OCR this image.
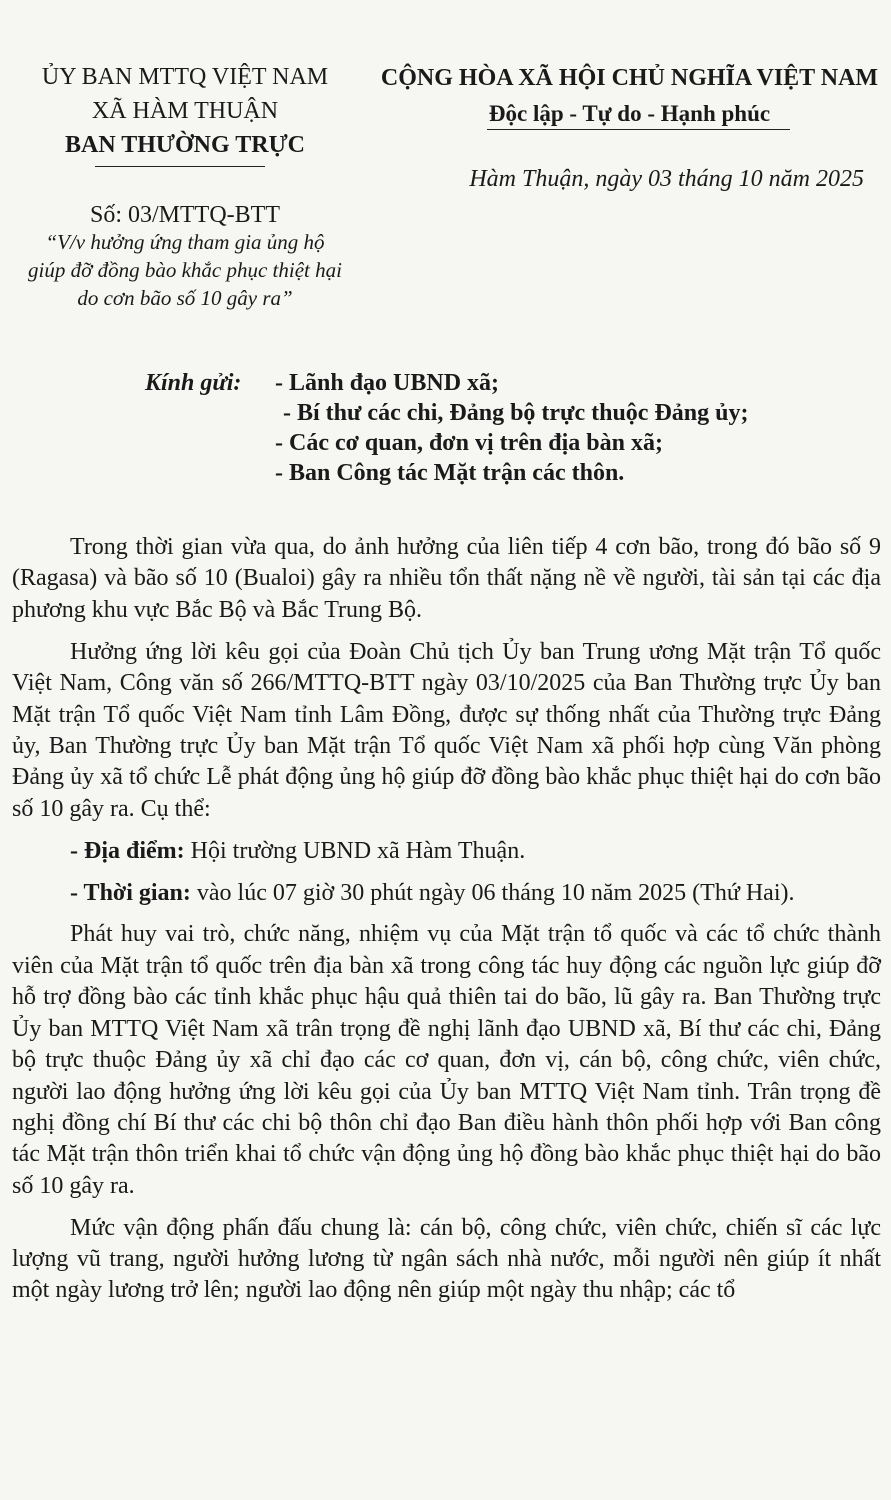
ỦY BAN MTTQ VIỆT NAM
XÃ HÀM THUẬN
BAN THƯỜNG TRỰC
CỘNG HÒA XÃ HỘI CHỦ NGHĨA VIỆT NAM
Độc lập - Tự do - Hạnh phúc
Hàm Thuận, ngày 03 tháng 10 năm 2025
Số: 03/MTTQ-BTT
“V/v hưởng ứng tham gia ủng hộ
giúp đỡ đồng bào khắc phục thiệt hại
do cơn bão số 10 gây ra”
Kính gửi: - Lãnh đạo UBND xã;
- Bí thư các chi, Đảng bộ trực thuộc Đảng ủy;
- Các cơ quan, đơn vị trên địa bàn xã;
- Ban Công tác Mặt trận các thôn.

Trong thời gian vừa qua, do ảnh hưởng của liên tiếp 4 cơn bão, trong đó bão số 9 (Ragasa) và bão số 10 (Bualoi) gây ra nhiều tổn thất nặng nề về người, tài sản tại các địa phương khu vực Bắc Bộ và Bắc Trung Bộ.

Hưởng ứng lời kêu gọi của Đoàn Chủ tịch Ủy ban Trung ương Mặt trận Tổ quốc Việt Nam, Công văn số 266/MTTQ-BTT ngày 03/10/2025 của Ban Thường trực Ủy ban Mặt trận Tổ quốc Việt Nam tỉnh Lâm Đồng, được sự thống nhất của Thường trực Đảng ủy, Ban Thường trực Ủy ban Mặt trận Tổ quốc Việt Nam xã phối hợp cùng Văn phòng Đảng ủy xã tổ chức Lễ phát động ủng hộ giúp đỡ đồng bào khắc phục thiệt hại do cơn bão số 10 gây ra. Cụ thể:

- Địa điểm: Hội trường UBND xã Hàm Thuận.

- Thời gian: vào lúc 07 giờ 30 phút ngày 06 tháng 10 năm 2025 (Thứ Hai).

Phát huy vai trò, chức năng, nhiệm vụ của Mặt trận tổ quốc và các tổ chức thành viên của Mặt trận tổ quốc trên địa bàn xã trong công tác huy động các nguồn lực giúp đỡ hỗ trợ đồng bào các tỉnh khắc phục hậu quả thiên tai do bão, lũ gây ra. Ban Thường trực Ủy ban MTTQ Việt Nam xã trân trọng đề nghị lãnh đạo UBND xã, Bí thư các chi, Đảng bộ trực thuộc Đảng ủy xã chỉ đạo các cơ quan, đơn vị, cán bộ, công chức, viên chức, người lao động hưởng ứng lời kêu gọi của Ủy ban MTTQ Việt Nam tỉnh. Trân trọng đề nghị đồng chí Bí thư các chi bộ thôn chỉ đạo Ban điều hành thôn phối hợp với Ban công tác Mặt trận thôn triển khai tổ chức vận động ủng hộ đồng bào khắc phục thiệt hại do bão số 10 gây ra.

Mức vận động phấn đấu chung là: cán bộ, công chức, viên chức, chiến sĩ các lực lượng vũ trang, người hưởng lương từ ngân sách nhà nước, mỗi người nên giúp ít nhất một ngày lương trở lên; người lao động nên giúp một ngày thu nhập; các tổ
